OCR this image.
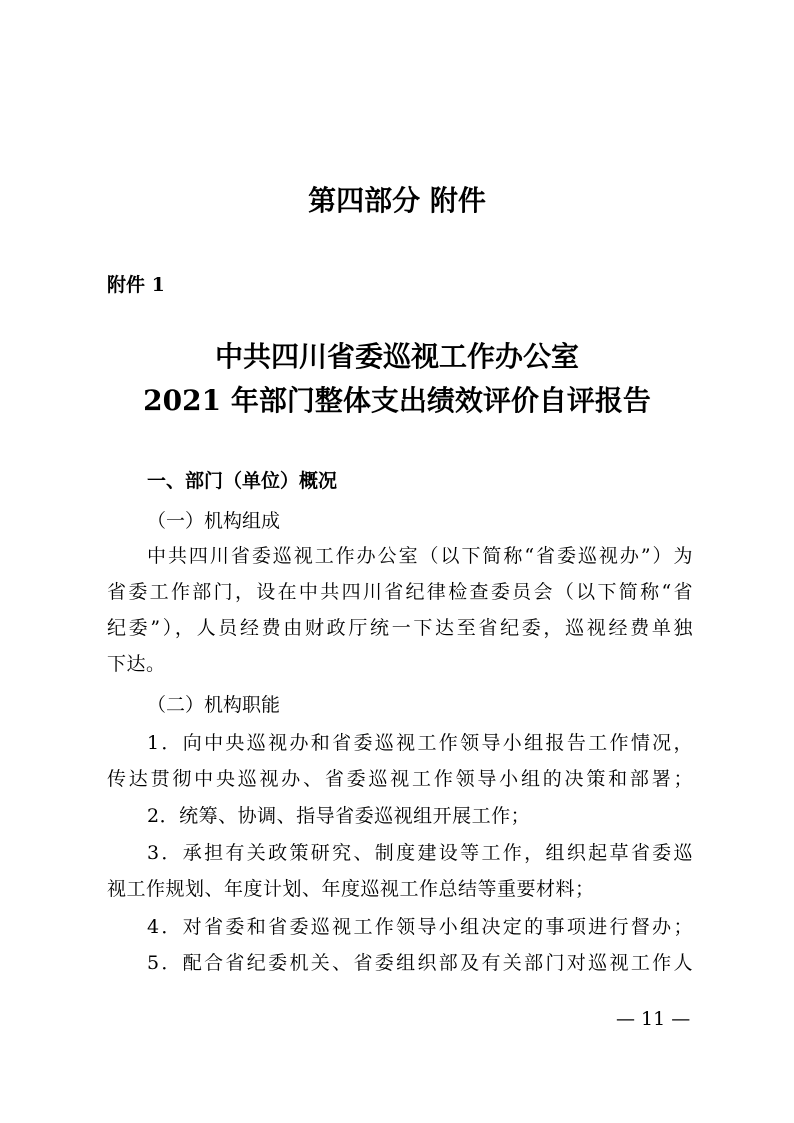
第四部分 附件
附件 1
中共四川省委巡视工作办公室
2021 年部门整体支出绩效评价自评报告
一、部门（单位）概况
（一）机构组成
中共四川省委巡视工作办公室（以下简称“省委巡视办”）为
省委工作部门，设在中共四川省纪律检查委员会（以下简称“省
纪委”），人员经费由财政厅统一下达至省纪委，巡视经费单独
下达。
（二）机构职能
1．向中央巡视办和省委巡视工作领导小组报告工作情况，
传达贯彻中央巡视办、省委巡视工作领导小组的决策和部署；
2．统筹、协调、指导省委巡视组开展工作；
3．承担有关政策研究、制度建设等工作，组织起草省委巡
视工作规划、年度计划、年度巡视工作总结等重要材料；
4．对省委和省委巡视工作领导小组决定的事项进行督办；
5．配合省纪委机关、省委组织部及有关部门对巡视工作人
— 11 —
